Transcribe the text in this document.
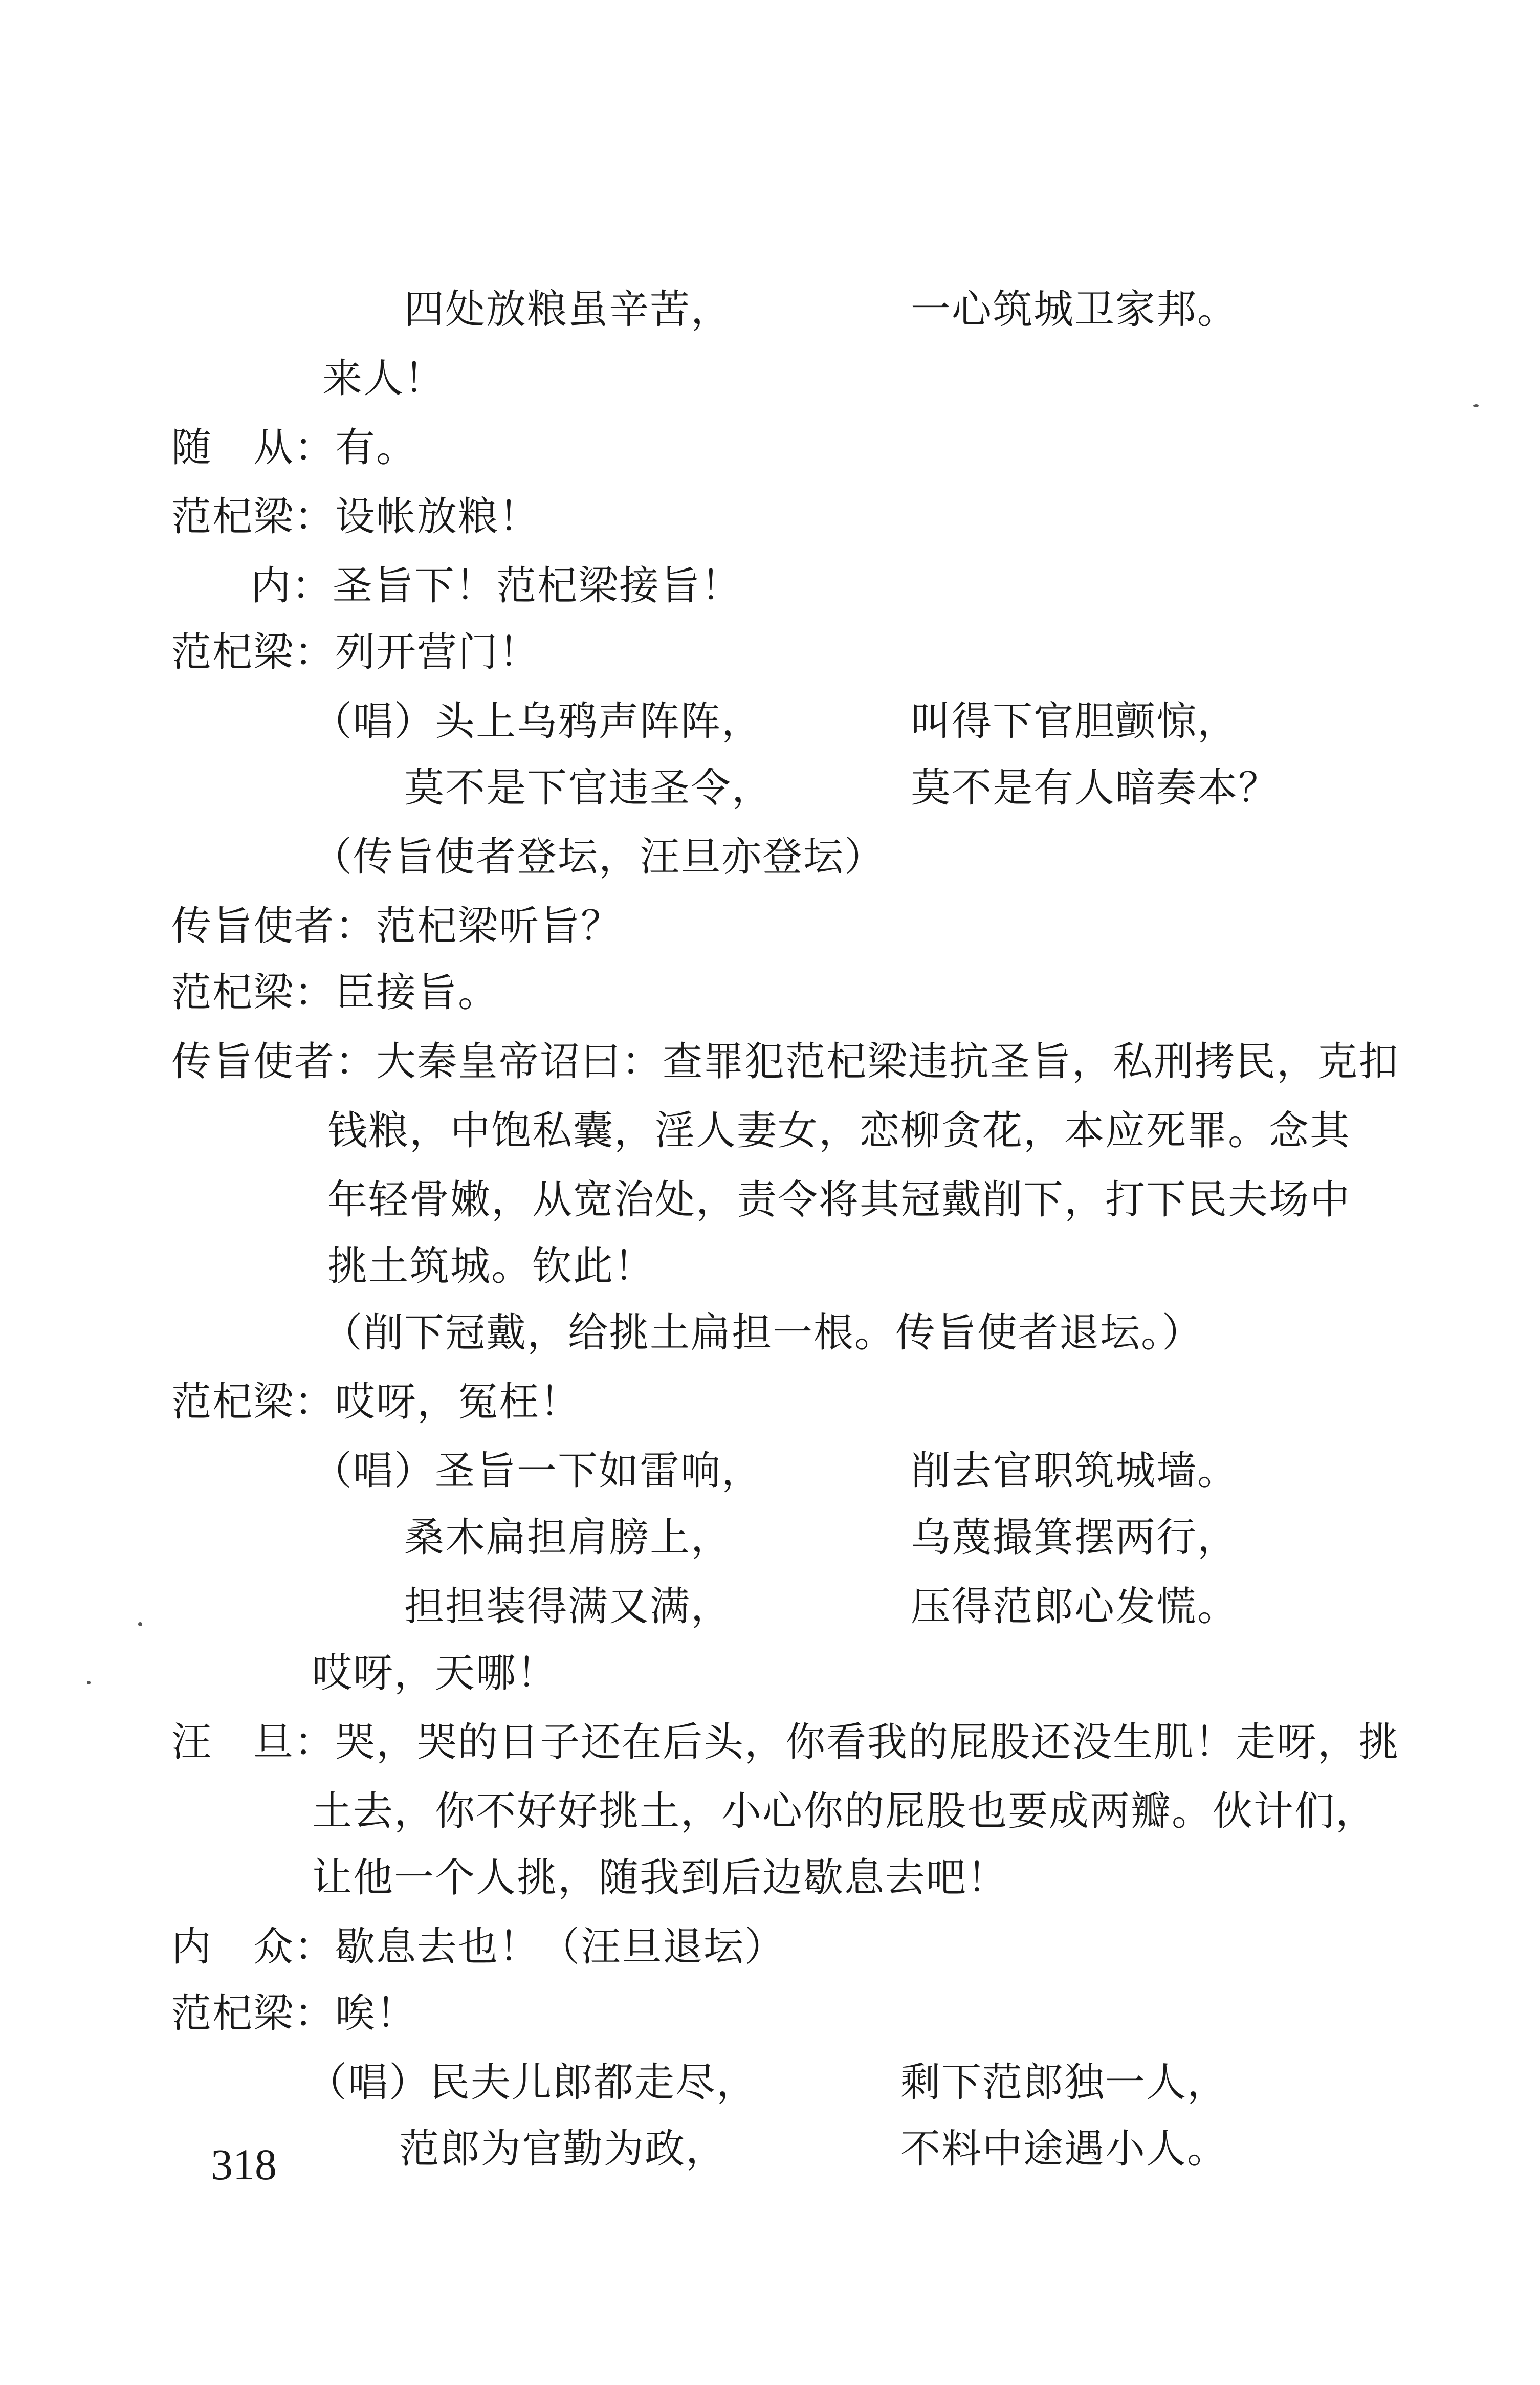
四处放粮虽辛苦，	一心筑城卫家邦。
来人！
随　从：有。
范杞梁：设帐放粮！
内：圣旨下！范杞梁接旨！
范杞梁：列开营门！
（唱）头上乌鸦声阵阵，	叫得下官胆颤惊，
莫不是下官违圣令，	莫不是有人暗奏本？
（传旨使者登坛，汪旦亦登坛）
传旨使者：范杞梁听旨？
范杞梁：臣接旨。
传旨使者：大秦皇帝诏曰：查罪犯范杞梁违抗圣旨，私刑拷民，克扣
钱粮，中饱私囊，淫人妻女，恋柳贪花，本应死罪。念其
年轻骨嫩，从宽治处，责令将其冠戴削下，打下民夫场中
挑土筑城。钦此！
（削下冠戴，给挑土扁担一根。传旨使者退坛。）
范杞梁：哎呀，冤枉！
（唱）圣旨一下如雷响，	削去官职筑城墙。
桑木扁担肩膀上，	乌蔑撮箕摆两行，
担担装得满又满，	压得范郎心发慌。
哎呀，天哪！
汪　旦：哭，哭的日子还在后头，你看我的屁股还没生肌！走呀，挑
土去，你不好好挑土，小心你的屁股也要成两瓣。伙计们，
让他一个人挑，随我到后边歇息去吧！
内　众：歇息去也！（汪旦退坛）
范杞梁：唉！
（唱）民夫儿郎都走尽，	剩下范郎独一人，
范郎为官勤为政，	不料中途遇小人。
318
